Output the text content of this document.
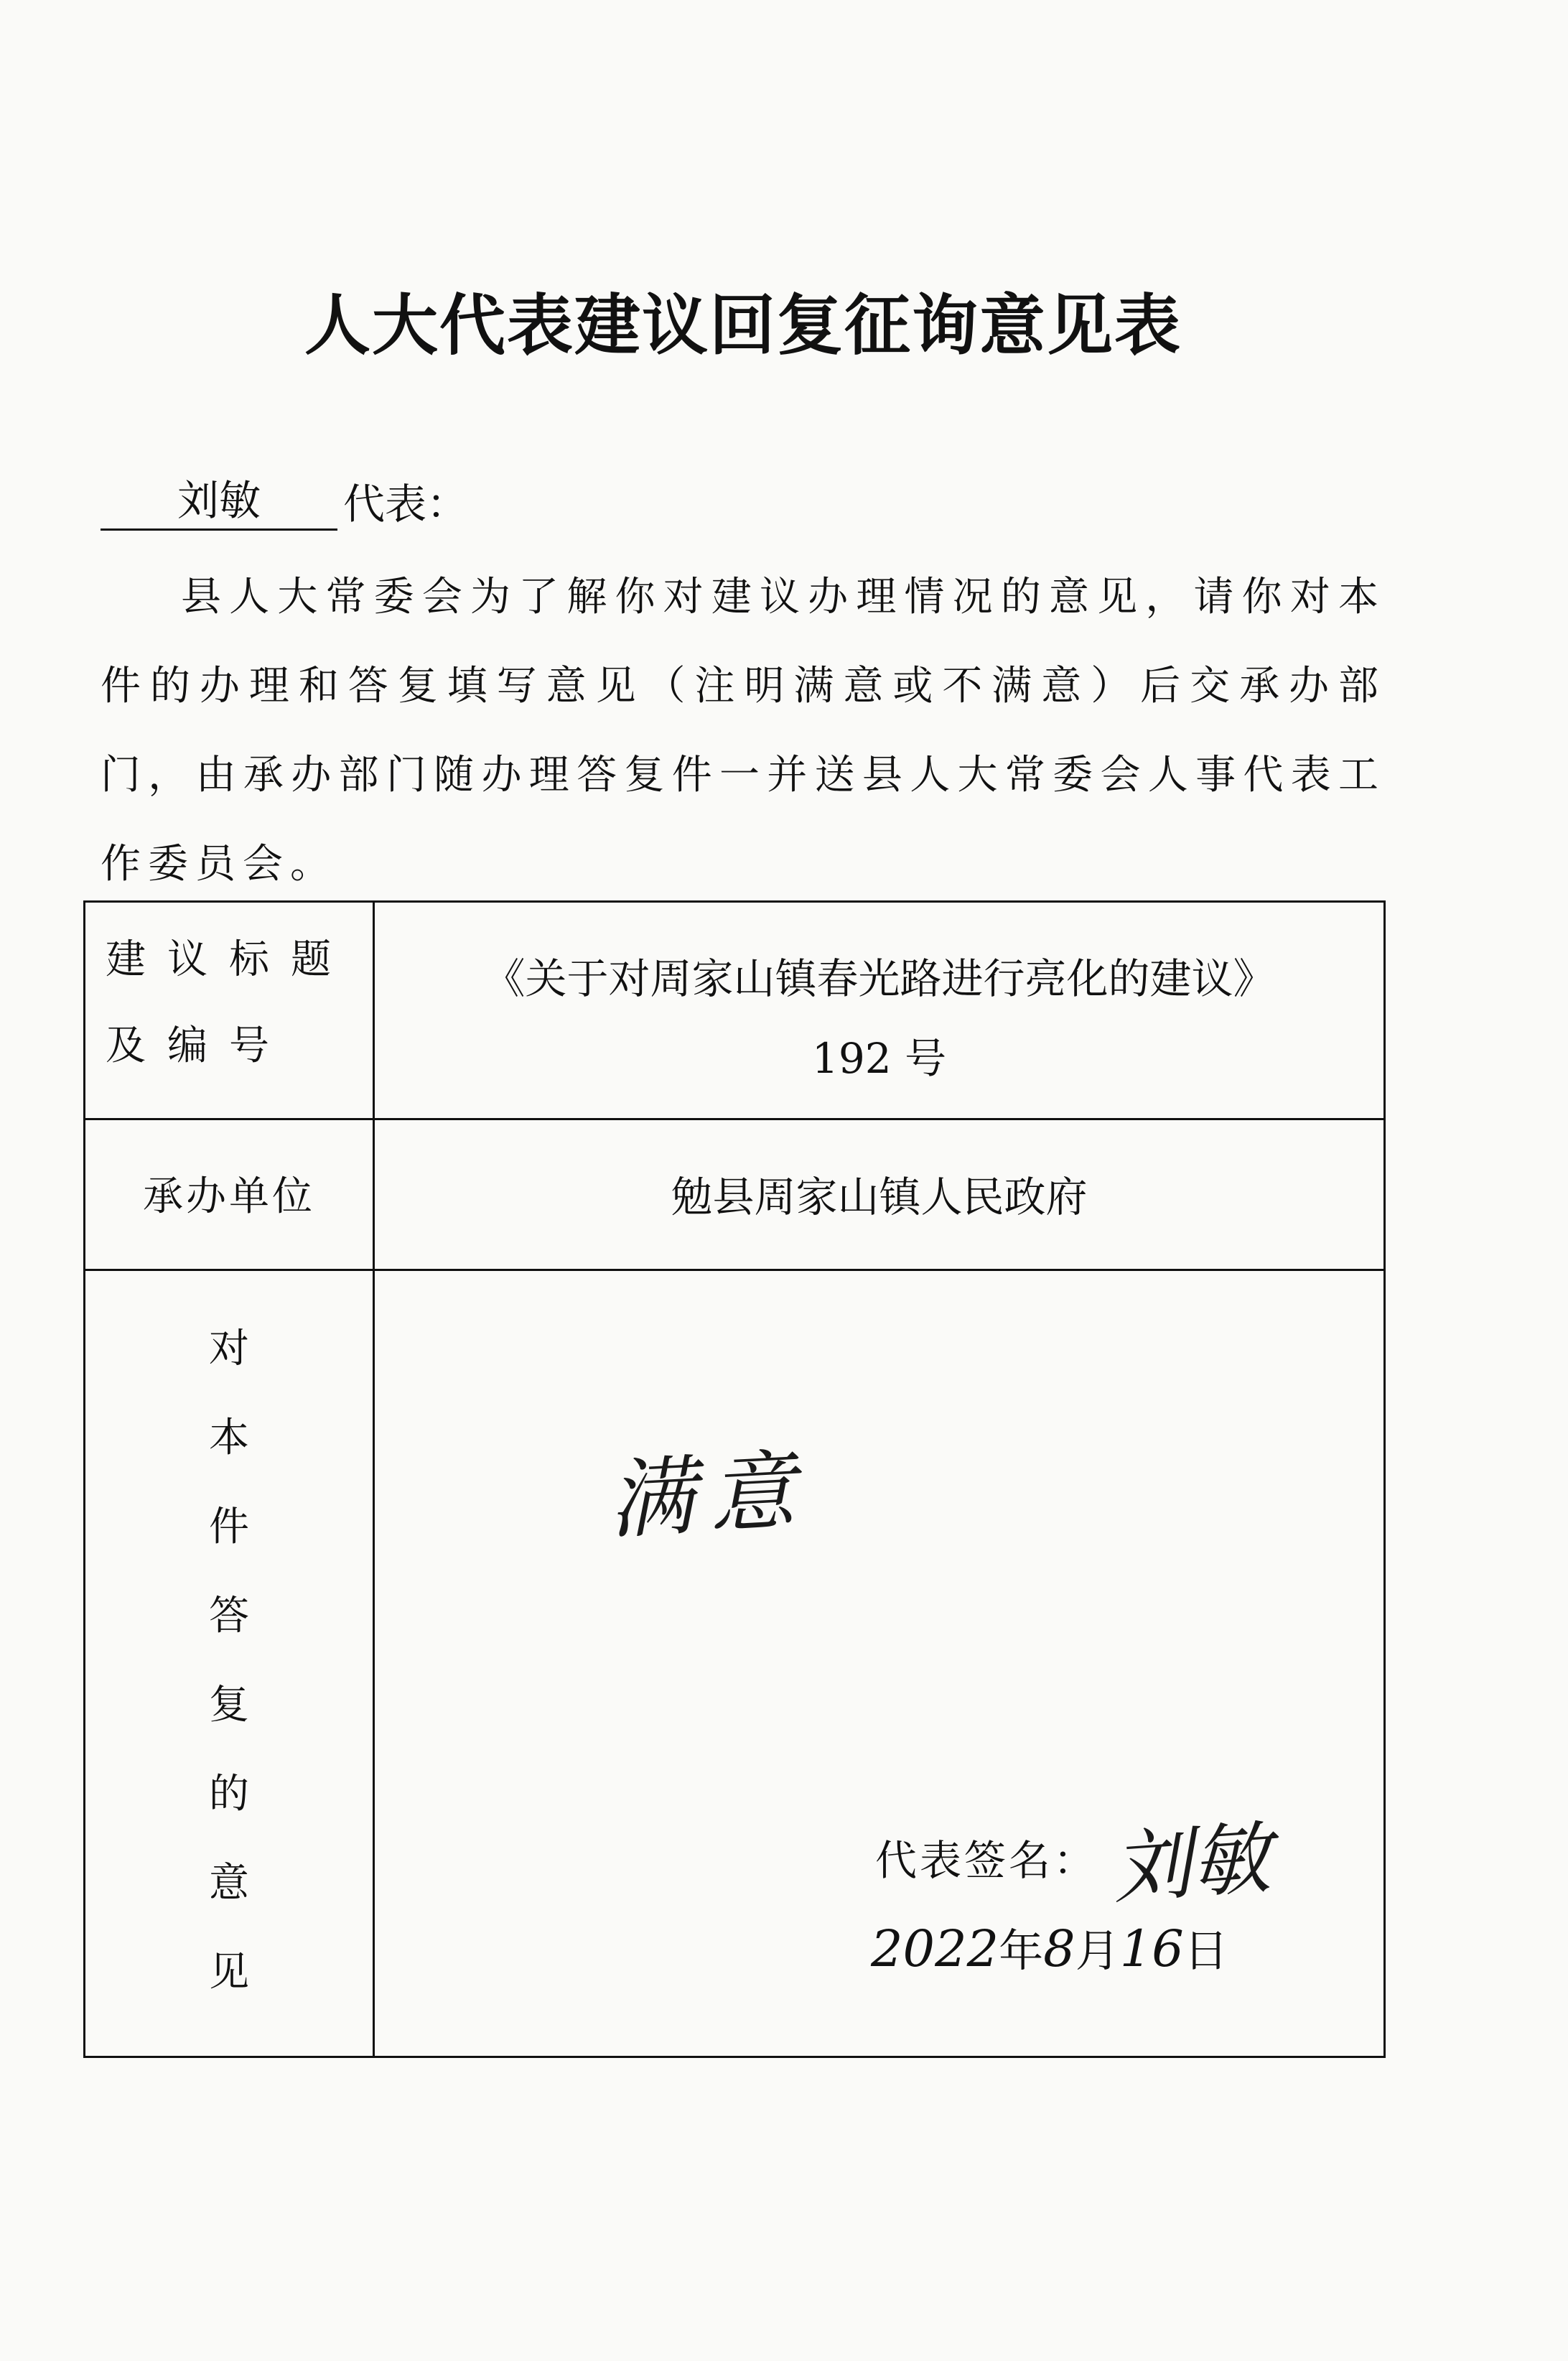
人大代表建议回复征询意见表
刘敏	代表：
县人大常委会为了解你对建议办理情况的意见，请你对本件的办理和答复填写意见（注明满意或不满意）后交承办部门，由承办部门随办理答复件一并送县人大常委会人事代表工作委员会。
建议标题
及编号
《关于对周家山镇春光路进行亮化的建议》
192 号
承办单位	勉县周家山镇人民政府
对
本
件
答
复
的
意
见
满意
代表签名： 刘敏
2022 年 8 月 16 日
